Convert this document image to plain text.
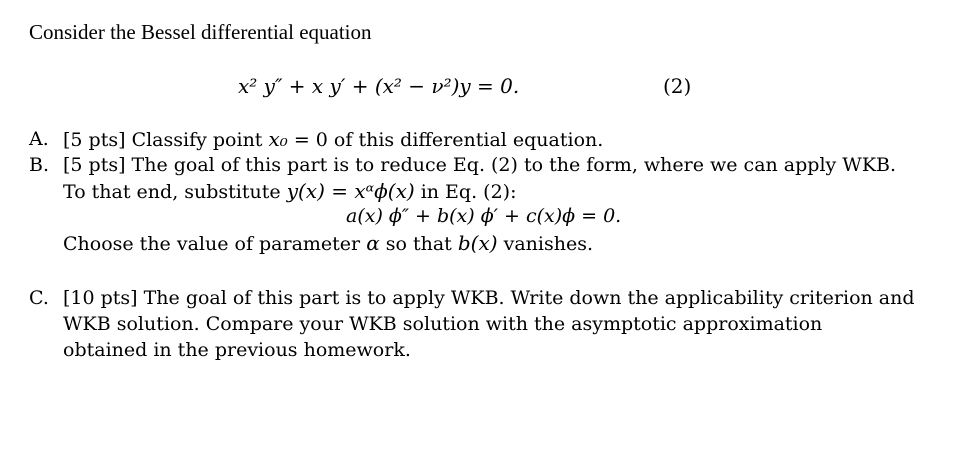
Consider the Bessel differential equation
x² y″ + x y′ + (x² − ν²)y = 0.	(2)
A. [5 pts] Classify point x₀ = 0 of this differential equation.
B. [5 pts] The goal of this part is to reduce Eq. (2) to the form, where we can apply WKB.
To that end, substitute y(x) = xᵅϕ(x) in Eq. (2):
a(x) ϕ″ + b(x) ϕ′ + c(x)ϕ = 0.
Choose the value of parameter α so that b(x) vanishes.
C. [10 pts] The goal of this part is to apply WKB. Write down the applicability criterion and
WKB solution. Compare your WKB solution with the asymptotic approximation
obtained in the previous homework.
